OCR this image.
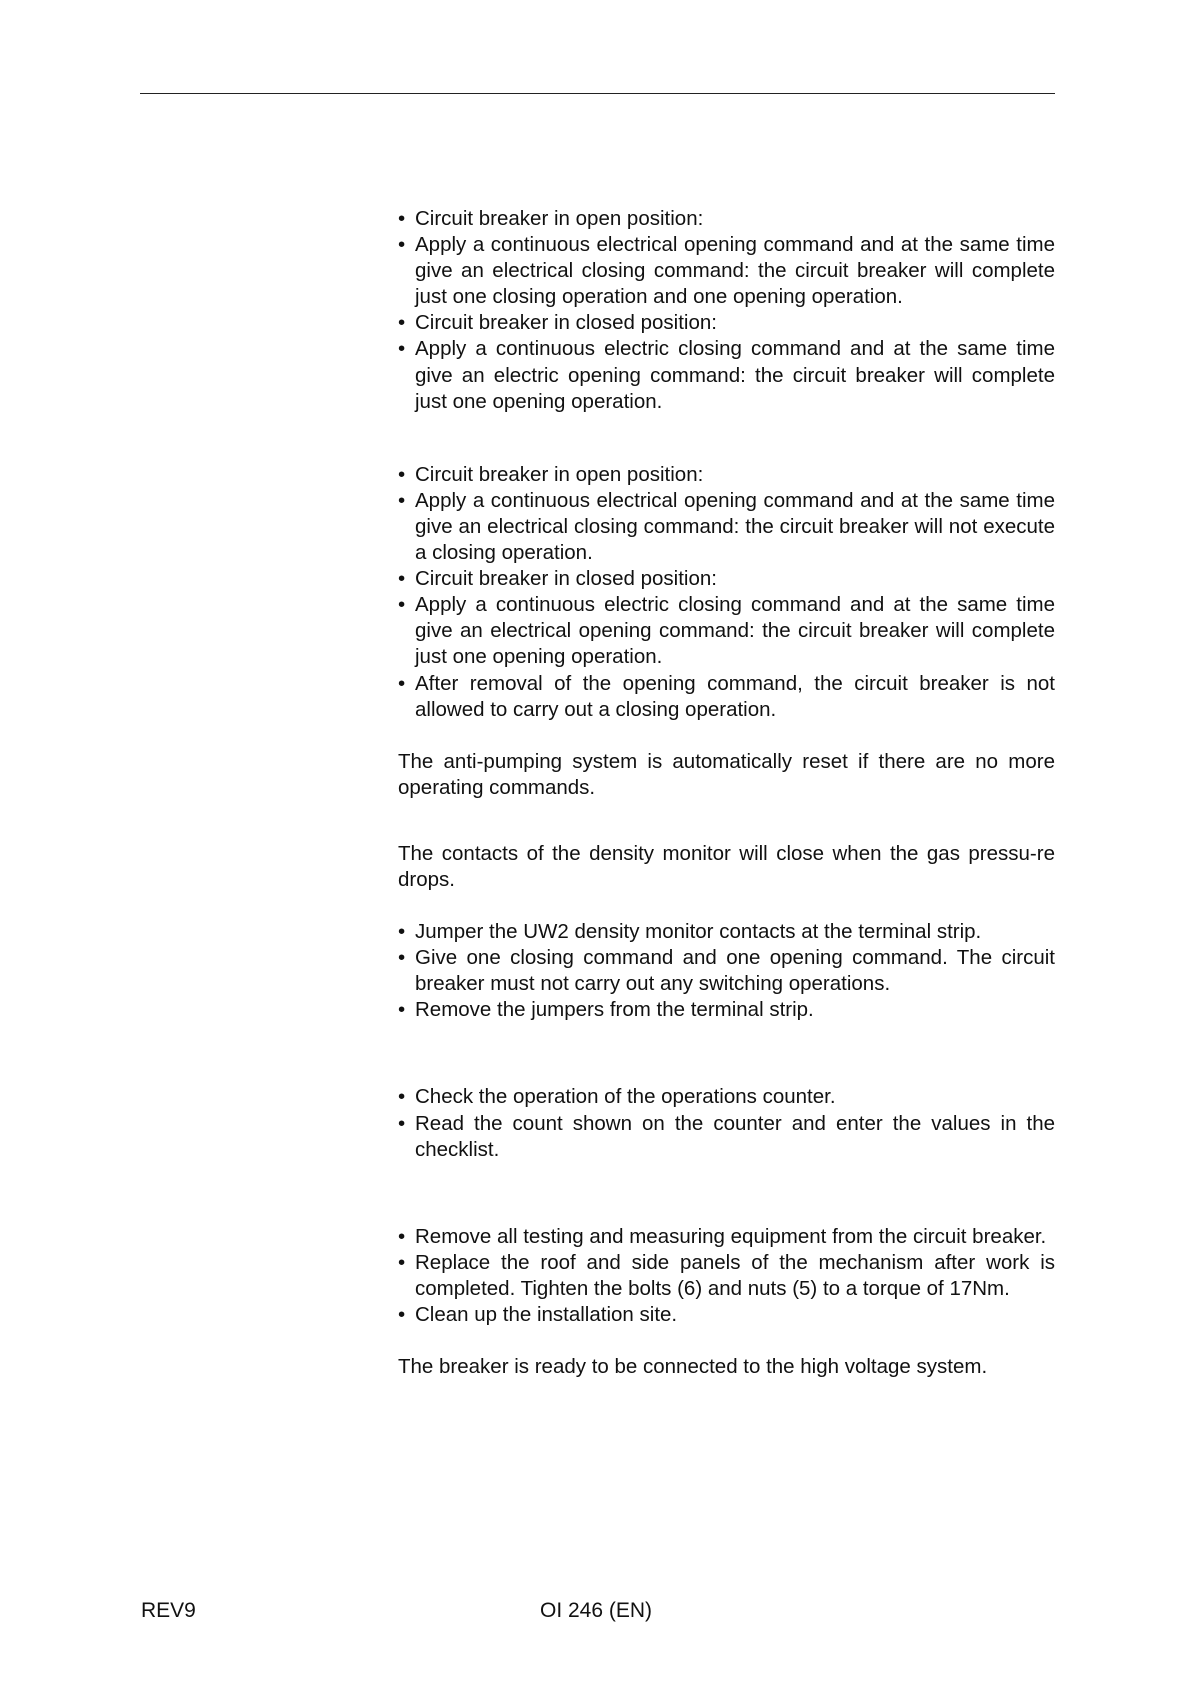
• Circuit breaker in open position:
• Apply a continuous electrical opening command and at the same time give an electrical closing command: the circuit breaker will complete just one closing operation and one opening operation.
• Circuit breaker in closed position:
• Apply a continuous electric closing command and at the same time give an electric opening command: the circuit breaker will complete just one opening operation.
• Circuit breaker in open position:
• Apply a continuous electrical opening command and at the same time give an electrical closing command: the circuit breaker will not execute a closing operation.
• Circuit breaker in closed position:
• Apply a continuous electric closing command and at the same time give an electrical opening command: the circuit breaker will complete just one opening operation.
• After removal of the opening command, the circuit breaker is not allowed to carry out a closing operation.

The anti-pumping system is automatically reset if there are no more operating commands.

The contacts of the density monitor will close when the gas pressu-re drops.

• Jumper the UW2 density monitor contacts at the terminal strip.
• Give one closing command and one opening command. The circuit breaker must not carry out any switching operations.
• Remove the jumpers from the terminal strip.
• Check the operation of the operations counter.
• Read the count shown on the counter and enter the values in the checklist.
• Remove all testing and measuring equipment from the circuit breaker.
• Replace the roof and side panels of the mechanism after work is completed. Tighten the bolts (6) and nuts (5) to a torque of 17Nm.
• Clean up the installation site.

The breaker is ready to be connected to the high voltage system.

REV9	OI 246 (EN)
